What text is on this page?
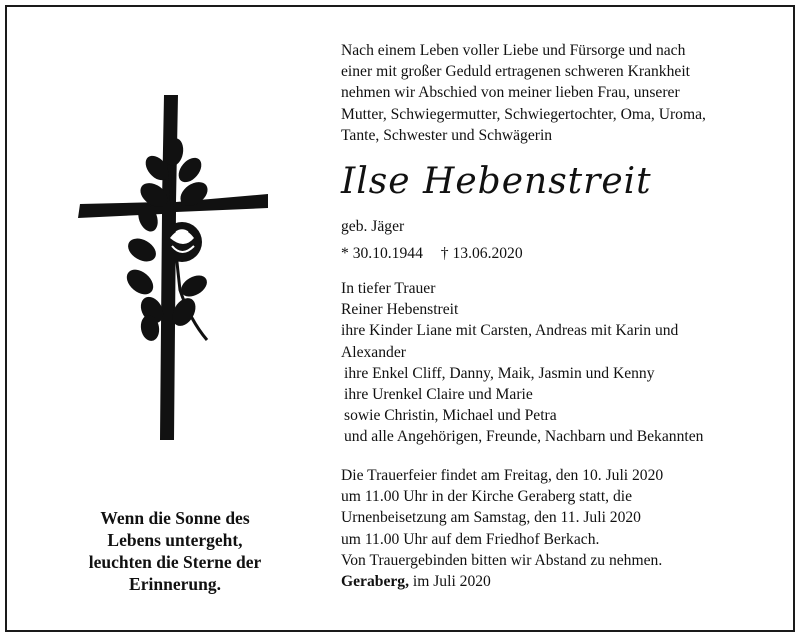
Wenn die Sonne des
Lebens untergeht,
leuchten die Sterne der
Erinnerung.
Nach einem Leben voller Liebe und Fürsorge und nach
einer mit großer Geduld ertragenen schweren Krankheit
nehmen wir Abschied von meiner lieben Frau, unserer
Mutter, Schwiegermutter, Schwiegertochter, Oma, Uroma,
Tante, Schwester und Schwägerin
Ilse Hebenstreit
geb. Jäger
* 30.10.1944 † 13.06.2020
In tiefer Trauer
Reiner Hebenstreit
ihre Kinder Liane mit Carsten, Andreas mit Karin und
Alexander
ihre Enkel Cliff, Danny, Maik, Jasmin und Kenny
ihre Urenkel Claire und Marie
sowie Christin, Michael und Petra
und alle Angehörigen, Freunde, Nachbarn und Bekannten
Die Trauerfeier findet am Freitag, den 10. Juli 2020
um 11.00 Uhr in der Kirche Geraberg statt, die
Urnenbeisetzung am Samstag, den 11. Juli 2020
um 11.00 Uhr auf dem Friedhof Berkach.
Von Trauergebinden bitten wir Abstand zu nehmen.
Geraberg, im Juli 2020
